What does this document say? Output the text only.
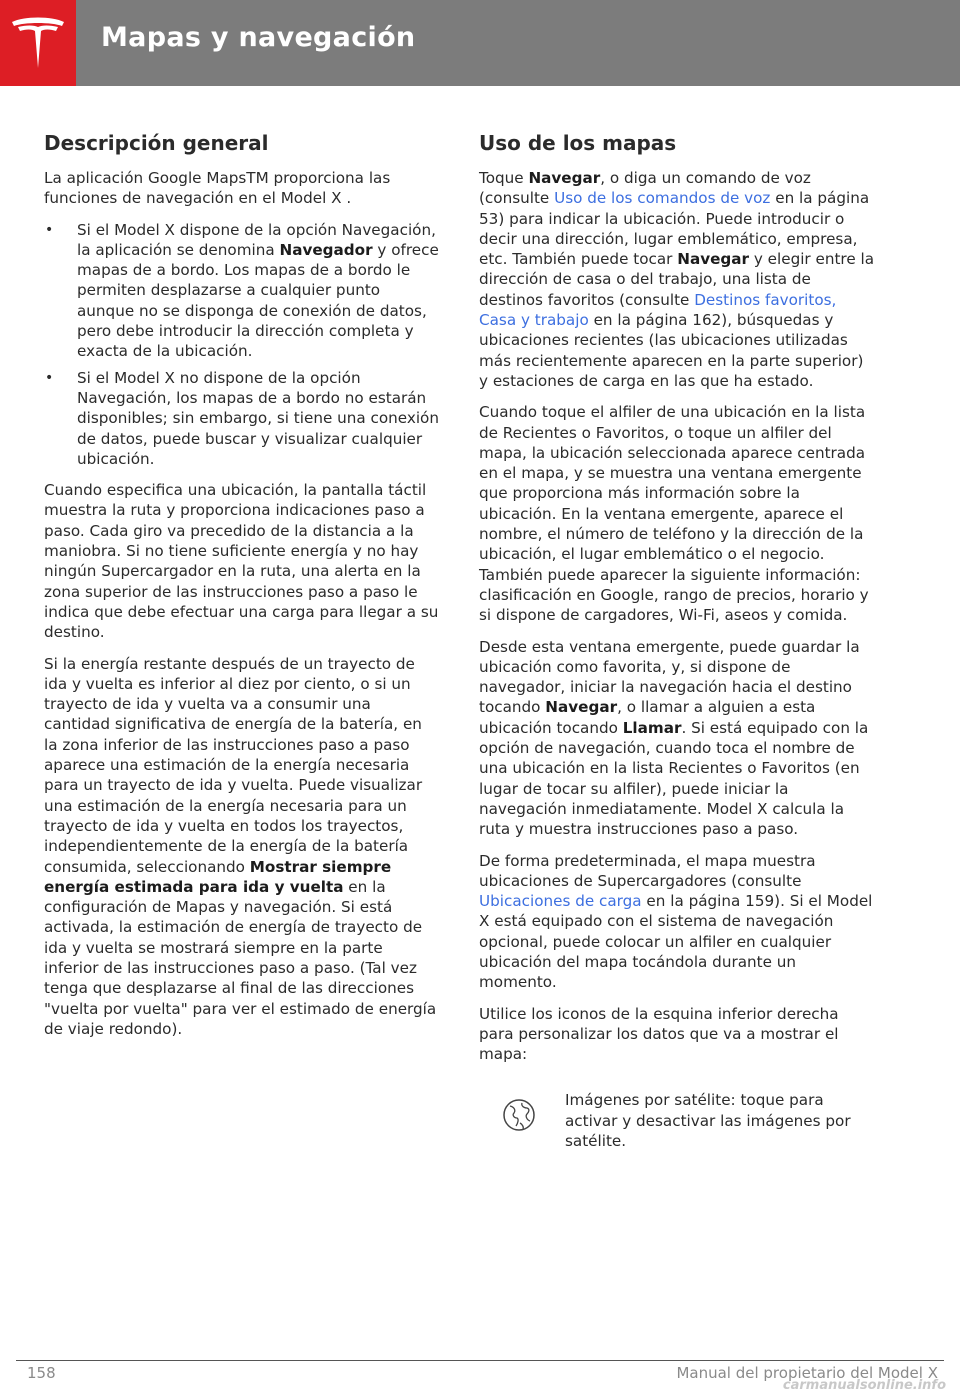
Mapas y navegación
Descripción general

La aplicación Google MapsTM proporciona las funciones de navegación en el Model X .

• Si el Model X dispone de la opción Navegación, la aplicación se denomina Navegador y ofrece mapas de a bordo. Los mapas de a bordo le permiten desplazarse a cualquier punto aunque no se disponga de conexión de datos, pero debe introducir la dirección completa y exacta de la ubicación.
• Si el Model X no dispone de la opción Navegación, los mapas de a bordo no estarán disponibles; sin embargo, si tiene una conexión de datos, puede buscar y visualizar cualquier ubicación.

Cuando especifica una ubicación, la pantalla táctil muestra la ruta y proporciona indicaciones paso a paso. Cada giro va precedido de la distancia a la maniobra. Si no tiene suficiente energía y no hay ningún Supercargador en la ruta, una alerta en la zona superior de las instrucciones paso a paso le indica que debe efectuar una carga para llegar a su destino.

Si la energía restante después de un trayecto de ida y vuelta es inferior al diez por ciento, o si un trayecto de ida y vuelta va a consumir una cantidad significativa de energía de la batería, en la zona inferior de las instrucciones paso a paso aparece una estimación de la energía necesaria para un trayecto de ida y vuelta. Puede visualizar una estimación de la energía necesaria para un trayecto de ida y vuelta en todos los trayectos, independientemente de la energía de la batería consumida, seleccionando Mostrar siempre energía estimada para ida y vuelta en la configuración de Mapas y navegación. Si está activada, la estimación de energía de trayecto de ida y vuelta se mostrará siempre en la parte inferior de las instrucciones paso a paso. (Tal vez tenga que desplazarse al final de las direcciones "vuelta por vuelta" para ver el estimado de energía de viaje redondo).

Uso de los mapas

Toque Navegar, o diga un comando de voz (consulte Uso de los comandos de voz en la página 53) para indicar la ubicación. Puede introducir o decir una dirección, lugar emblemático, empresa, etc. También puede tocar Navegar y elegir entre la dirección de casa o del trabajo, una lista de destinos favoritos (consulte Destinos favoritos, Casa y trabajo en la página 162), búsquedas y ubicaciones recientes (las ubicaciones utilizadas más recientemente aparecen en la parte superior) y estaciones de carga en las que ha estado.

Cuando toque el alfiler de una ubicación en la lista de Recientes o Favoritos, o toque un alfiler del mapa, la ubicación seleccionada aparece centrada en el mapa, y se muestra una ventana emergente que proporciona más información sobre la ubicación. En la ventana emergente, aparece el nombre, el número de teléfono y la dirección de la ubicación, el lugar emblemático o el negocio. También puede aparecer la siguiente información: clasificación en Google, rango de precios, horario y si dispone de cargadores, Wi-Fi, aseos y comida.

Desde esta ventana emergente, puede guardar la ubicación como favorita, y, si dispone de navegador, iniciar la navegación hacia el destino tocando Navegar, o llamar a alguien a esta ubicación tocando Llamar. Si está equipado con la opción de navegación, cuando toca el nombre de una ubicación en la lista Recientes o Favoritos (en lugar de tocar su alfiler), puede iniciar la navegación inmediatamente. Model X calcula la ruta y muestra instrucciones paso a paso.

De forma predeterminada, el mapa muestra ubicaciones de Supercargadores (consulte Ubicaciones de carga en la página 159). Si el Model X está equipado con el sistema de navegación opcional, puede colocar un alfiler en cualquier ubicación del mapa tocándola durante un momento.

Utilice los iconos de la esquina inferior derecha para personalizar los datos que va a mostrar el mapa:

Imágenes por satélite: toque para activar y desactivar las imágenes por satélite.
158	Manual del propietario del Model X
carmanualsonline.info
